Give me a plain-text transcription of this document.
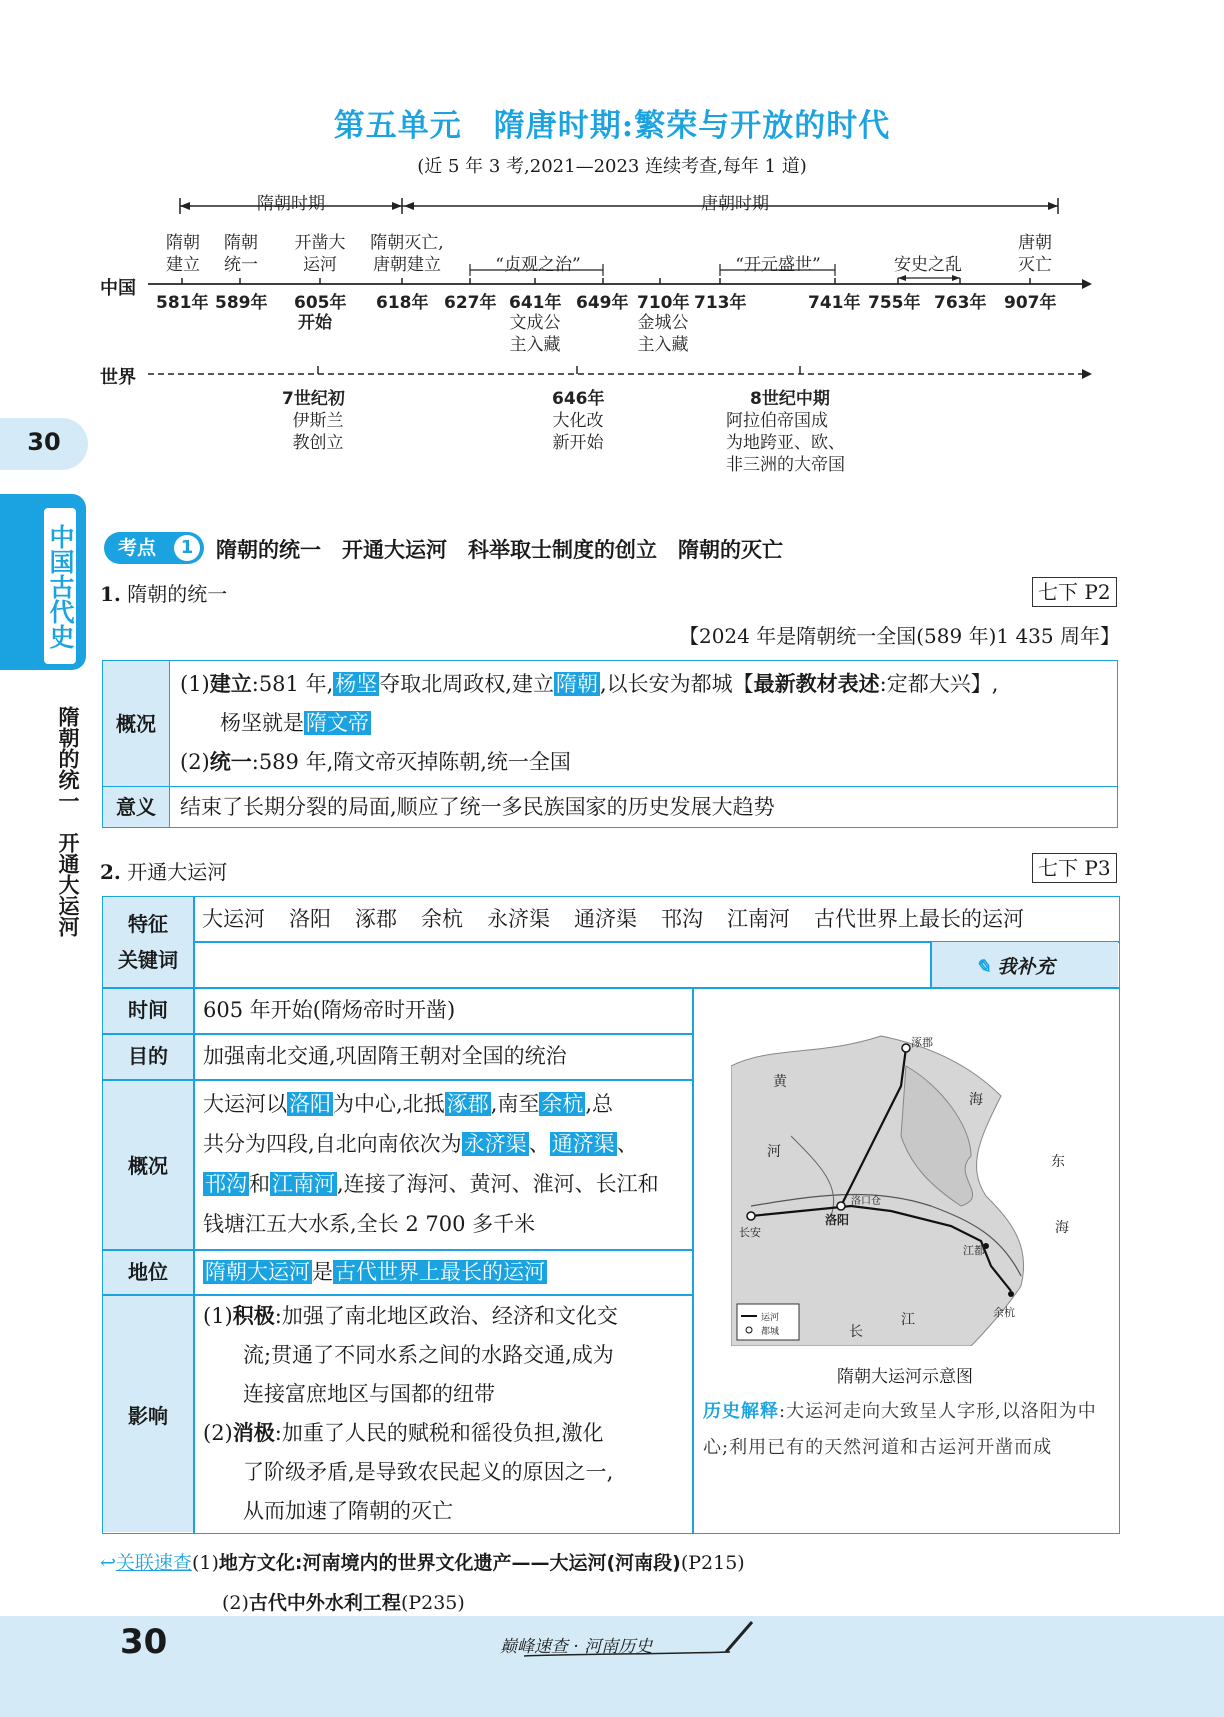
第五单元　隋唐时期:繁荣与开放的时代
(近 5 年 3 考,2021—2023 连续考查,每年 1 道)
隋朝时期	唐朝时期
隋朝
建立
隋朝
统一
开凿大
运河
隋朝灭亡,
唐朝建立	“贞观之治”	“开元盛世”	安史之乱
唐朝
灭亡
中国
世界
581年 589年 605年
开始
618年 627年 641年 649年 710年 713年	741年 755年 763年 907年
文成公
主入藏
金城公
主入藏
7世纪初
伊斯兰
教创立
646年
大化改
新开始
8世纪中期
阿拉伯帝国成
为地跨亚、欧、
非三洲的大帝国
30
中国古代史
隋朝的统一　开通大运河
考点	1	隋朝的统一　开通大运河　科举取士制度的创立　隋朝的灭亡
1. 隋朝的统一	七下 P2
【2024 年是隋朝统一全国(589 年)1 435 周年】
概况	(1)建立:581 年,杨坚夺取北周政权,建立隋朝,以长安为都城【最新教材表述:定都大兴】,
杨坚就是隋文帝
(2)统一:589 年,隋文帝灭掉陈朝,统一全国

意义	结束了长期分裂的局面,顺应了统一多民族国家的历史发展大趋势
2. 开通大运河	七下 P3
特征
关键词
大运河 洛阳 涿郡 余杭 永济渠 通济渠 邗沟 江南河 古代世界上最长的运河
✎ 我补充
时间	605 年开始(隋炀帝时开凿)
目的	加强南北交通,巩固隋王朝对全国的统治
概况
大运河以洛阳为中心,北抵涿郡,南至余杭,总
共分为四段,自北向南依次为永济渠、通济渠、
邗沟和江南河,连接了海河、黄河、淮河、长江和
钱塘江五大水系,全长 2 700 多千米
地位	隋朝大运河是古代世界上最长的运河
影响
(1)积极:加强了南北地区政治、经济和文化交
流;贯通了不同水系之间的水路交通,成为
连接富庶地区与国都的纽带
(2)消极:加重了人民的赋税和徭役负担,激化
了阶级矛盾,是导致农民起义的原因之一,
从而加速了隋朝的灭亡
涿郡
长安
洛阳
洛口仓
江都
余杭
黄
河
海
东
海
江
长
运河
都城
隋朝大运河示意图
历史解释:大运河走向大致呈人字形,以洛阳为中心;利用已有的天然河道和古运河开凿而成
↩关联速查(1)地方文化:河南境内的世界文化遗产——大运河(河南段)(P215)
(2)古代中外水利工程(P235)
30	巅峰速查 · 河南历史
